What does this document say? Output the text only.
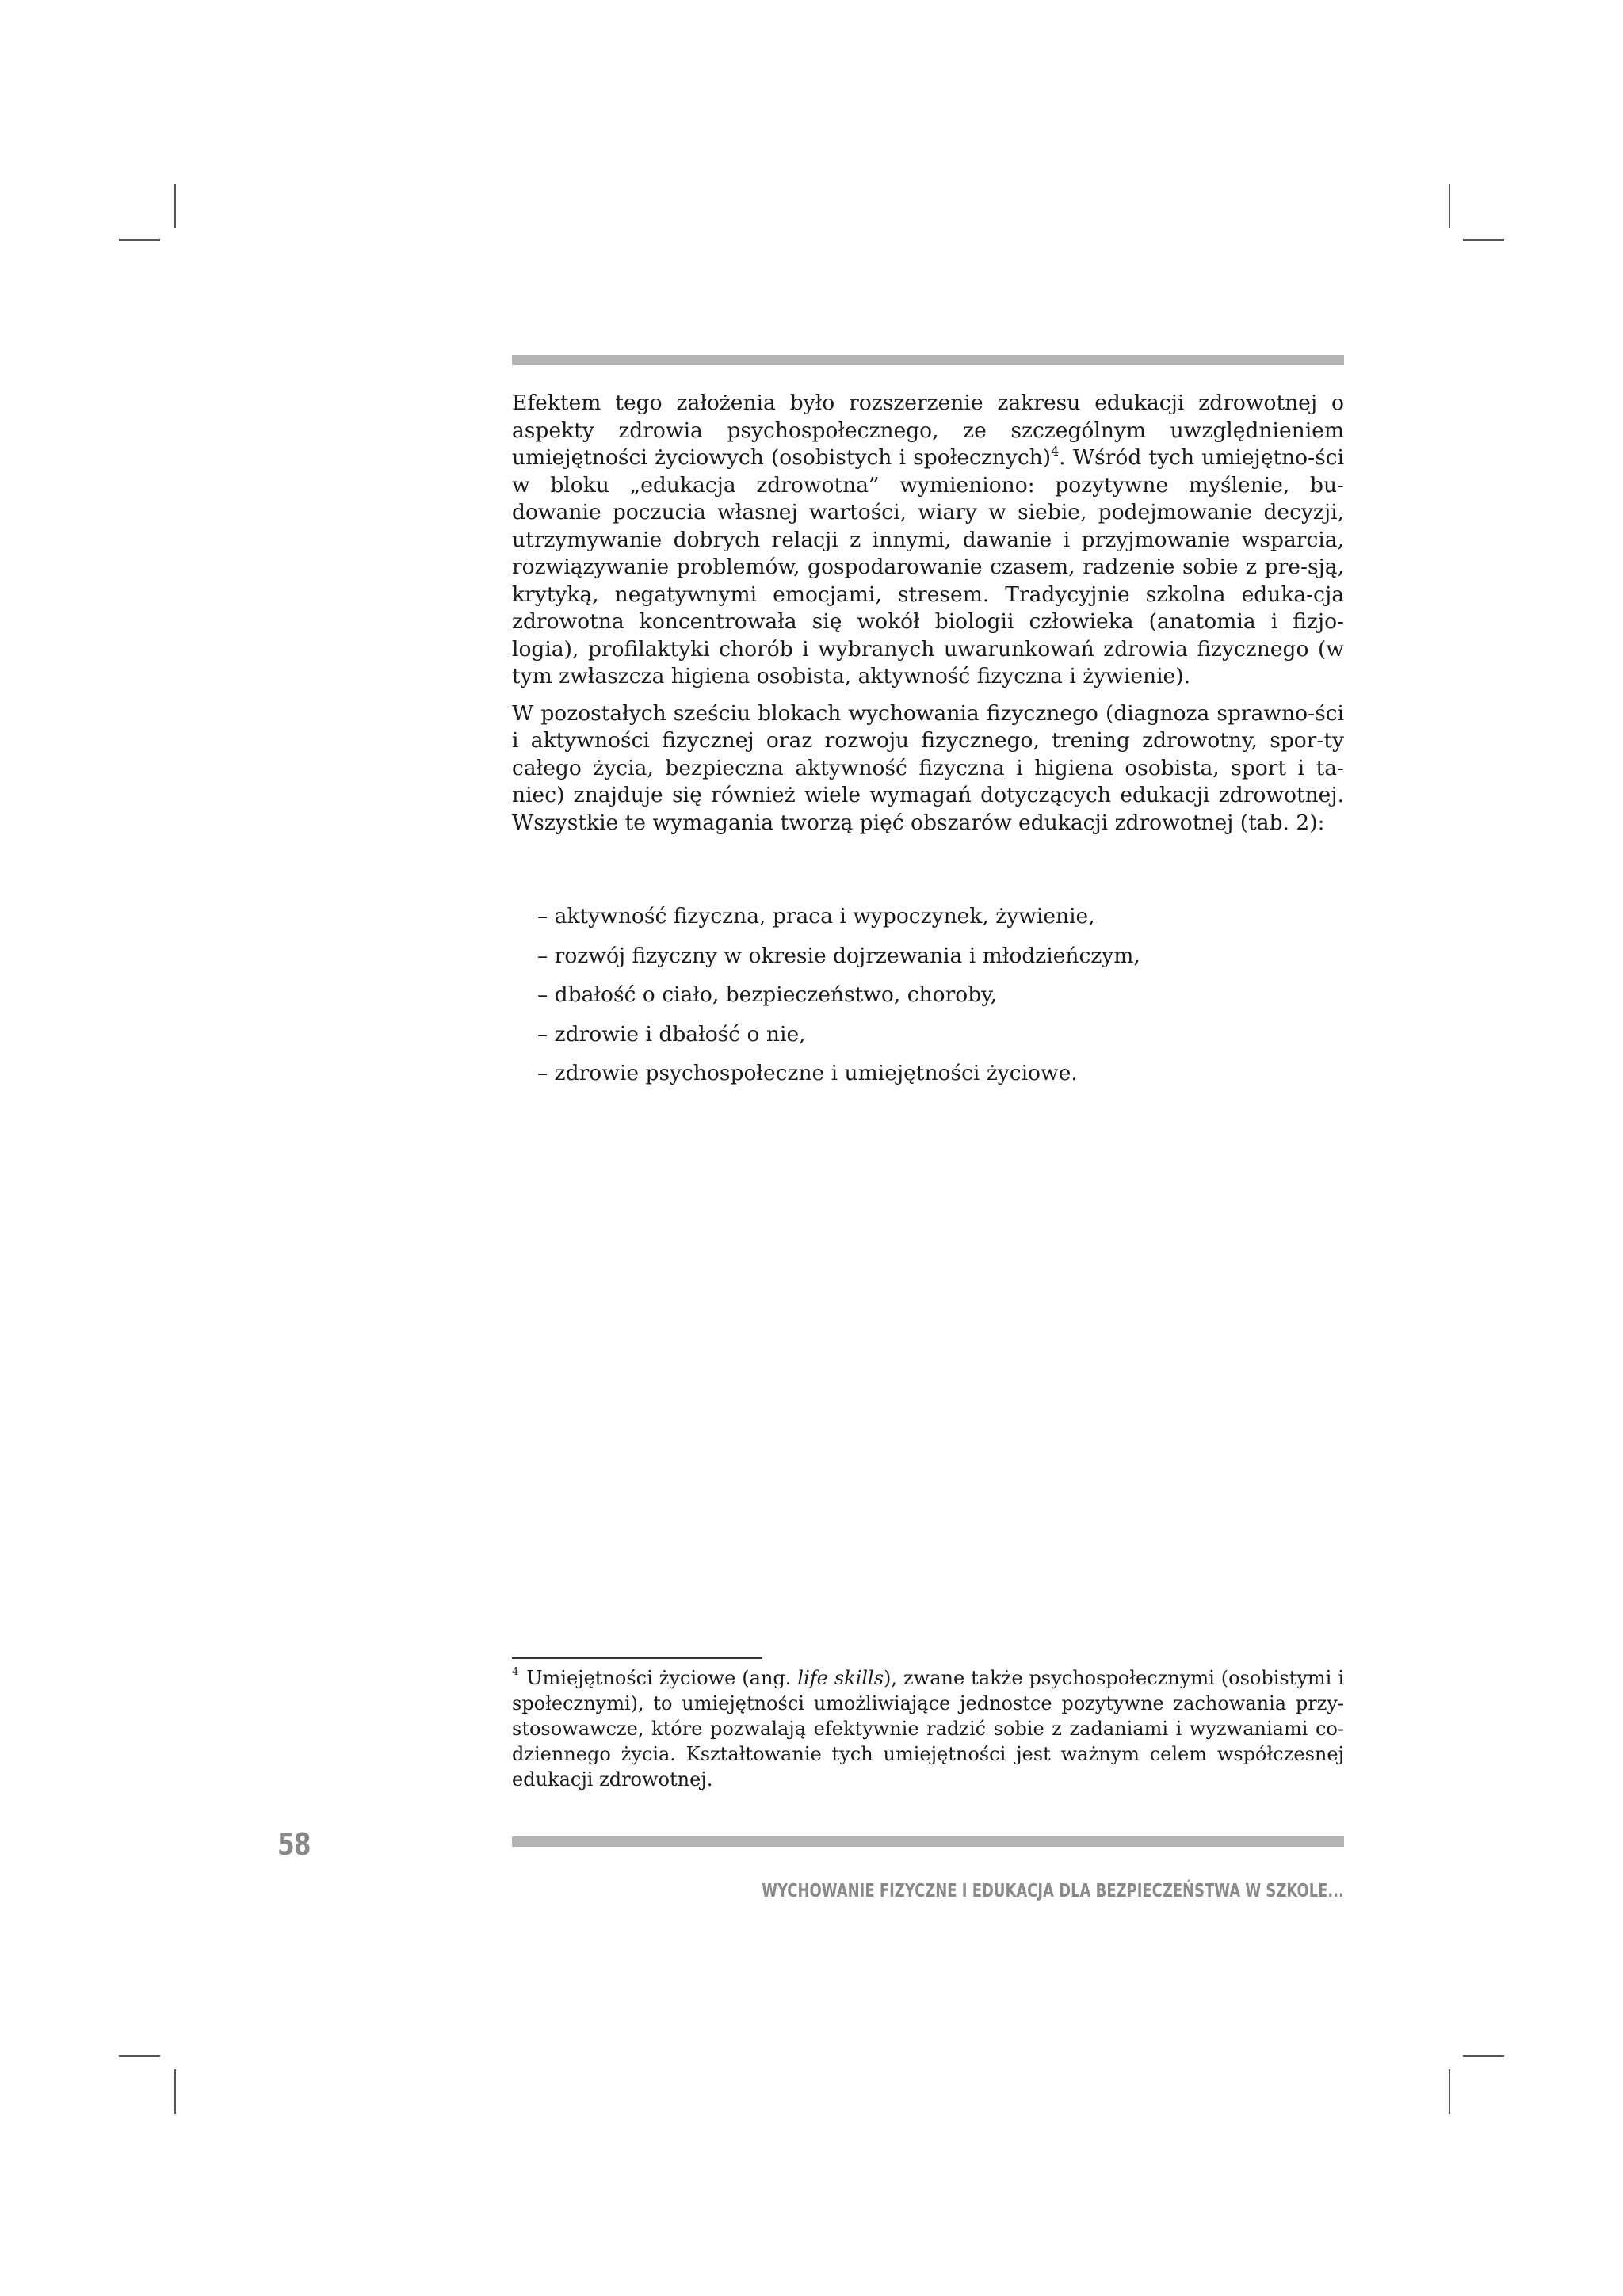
Efektem tego założenia było rozszerzenie zakresu edukacji zdrowotnej o aspekty zdrowia psychospołecznego, ze szczególnym uwzględnieniem umiejętności życiowych (osobistych i społecznych)$^4$. Wśród tych umiejętno-ści w bloku „edukacja zdrowotna” wymieniono: pozytywne myślenie, bu- dowanie poczucia własnej wartości, wiary w siebie, podejmowanie decyzji, utrzymywanie dobrych relacji z innymi, dawanie i przyjmowanie wsparcia, rozwiązywanie problemów, gospodarowanie czasem, radzenie sobie z pre-sją, krytyką, negatywnymi emocjami, stresem. Tradycyjnie szkolna eduka-cja zdrowotna koncentrowała się wokół biologii człowieka (anatomia i fizjo- logia), profilaktyki chorób i wybranych uwarunkowań zdrowia fizycznego (w tym zwłaszcza higiena osobista, aktywność fizyczna i żywienie).

W pozostałych sześciu blokach wychowania fizycznego (diagnoza sprawno-ści i aktywności fizycznej oraz rozwoju fizycznego, trening zdrowotny, spor-ty całego życia, bezpieczna aktywność fizyczna i higiena osobista, sport i ta-niec) znajduje się również wiele wymagań dotyczących edukacji zdrowotnej. Wszystkie te wymagania tworzą pięć obszarów edukacji zdrowotnej (tab. 2):

– aktywność fizyczna, praca i wypoczynek, żywienie,
– rozwój fizyczny w okresie dojrzewania i młodzieńczym,
– dbałość o ciało, bezpieczeństwo, choroby,
– zdrowie i dbałość o nie,
– zdrowie psychospołeczne i umiejętności życiowe.
$^4$ Umiejętności życiowe (ang. life skills), zwane także psychospołecznymi (osobistymi i społecznymi), to umiejętności umożliwiające jednostce pozytywne zachowania przy- stosowawcze, które pozwalają efektywnie radzić sobie z zadaniami i wyzwaniami co- dziennego życia. Kształtowanie tych umiejętności jest ważnym celem współczesnej edukacji zdrowotnej.
58
WYCHOWANIE FIZYCZNE I EDUKACJA DLA BEZPIECZEŃSTWA W SZKOLE...
